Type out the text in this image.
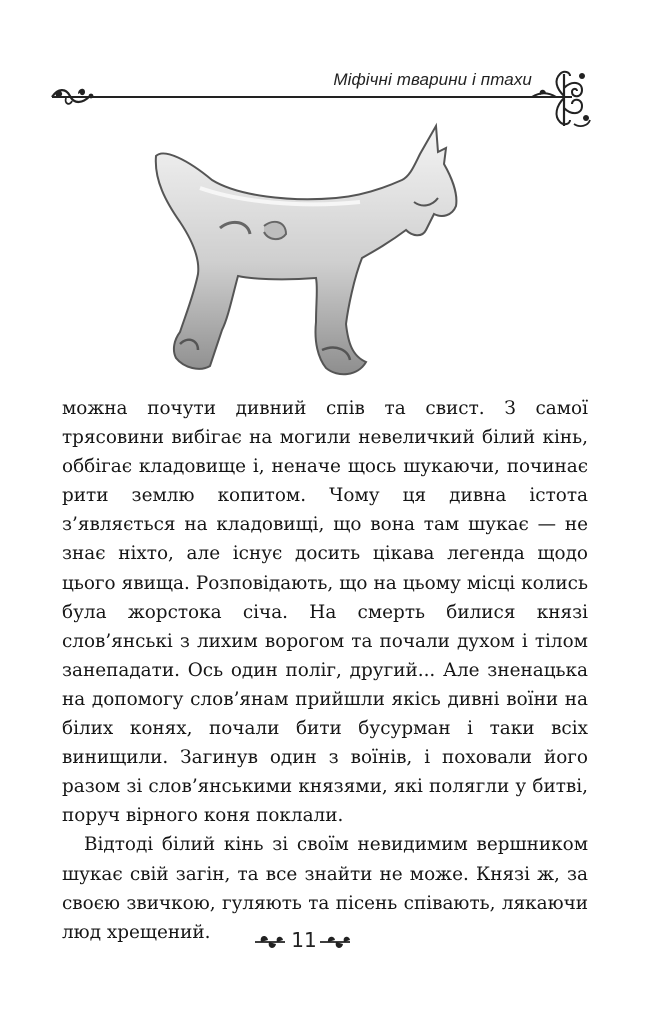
Міфічні тварини і птахи

можна почути дивний спів та свист. З самої трясовини вибігає на могили невеличкий білий кінь, оббігає кладовище і, неначе щось шукаючи, починає рити землю копитом. Чому ця дивна істота з’являється на кладовищі, що вона там шукає — не знає ніхто, але існує досить цікава легенда щодо цього явища. Розповідають, що на цьому місці колись була жорстока січа. На смерть билися князі слов’янські з лихим ворогом та почали духом і тілом занепадати. Ось один поліг, другий... Але зненацька на допомогу слов’янам прийшли якісь дивні воїни на білих конях, почали бити бусурман і таки всіх винищили. Загинув один з воїнів, і поховали його разом зі слов’янськими князями, які полягли у битві, поруч вірного коня поклали.

Відтоді білий кінь зі своїм невидимим вершником шукає свій загін, та все знайти не може. Князі ж, за своєю звичкою, гуляють та пісень співають, лякаючи люд хрещений.	11
